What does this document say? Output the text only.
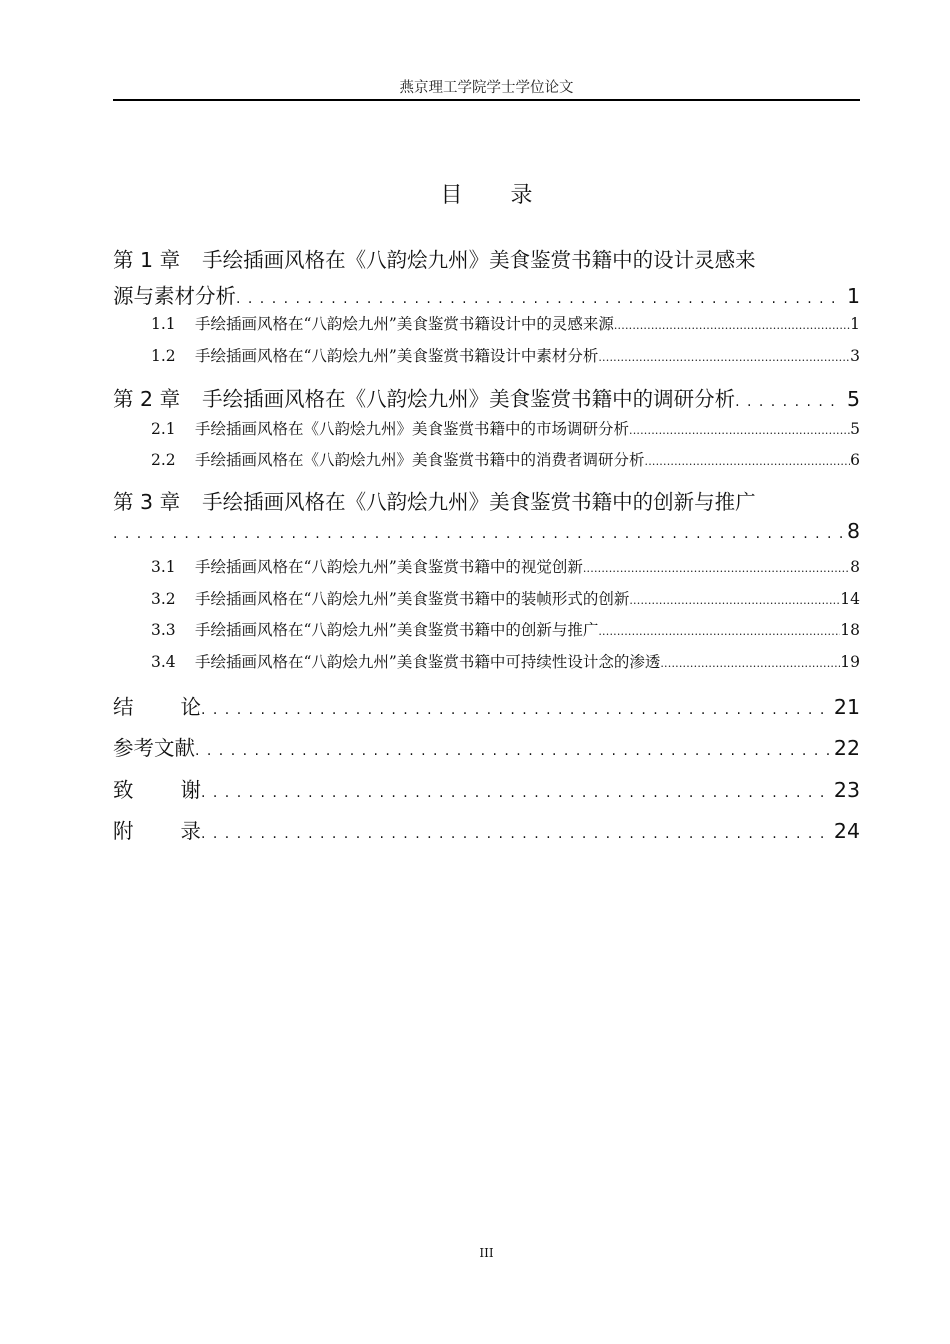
燕京理工学院学士学位论文
目 录
第 1 章 手绘插画风格在《八韵烩九州》美食鉴赏书籍中的设计灵感来
源与素材分析 . . .	1
1.1	手绘插画风格在“八韵烩九州”美食鉴赏书籍设计中的灵感来源 .....	1
1.2	手绘插画风格在“八韵烩九州”美食鉴赏书籍设计中素材分析 .....	3
第 2 章 手绘插画风格在《八韵烩九州》美食鉴赏书籍中的调研分析 . . .	5
2.1	手绘插画风格在《八韵烩九州》美食鉴赏书籍中的市场调研分析 .....	5
2.2	手绘插画风格在《八韵烩九州》美食鉴赏书籍中的消费者调研分析 .....	6
第 3 章 手绘插画风格在《八韵烩九州》美食鉴赏书籍中的创新与推广
. . .
8
3.1	手绘插画风格在“八韵烩九州”美食鉴赏书籍中的视觉创新 .....	8
3.2	手绘插画风格在“八韵烩九州”美食鉴赏书籍中的装帧形式的创新 .....	14
3.3	手绘插画风格在“八韵烩九州”美食鉴赏书籍中的创新与推广 .....	18
3.4	手绘插画风格在“八韵烩九州”美食鉴赏书籍中可持续性设计念的渗透 .....	19
结 论 . . .	21
参考文献 . . .	22
致 谢 . . .	23
附 录 . . .	24
III
